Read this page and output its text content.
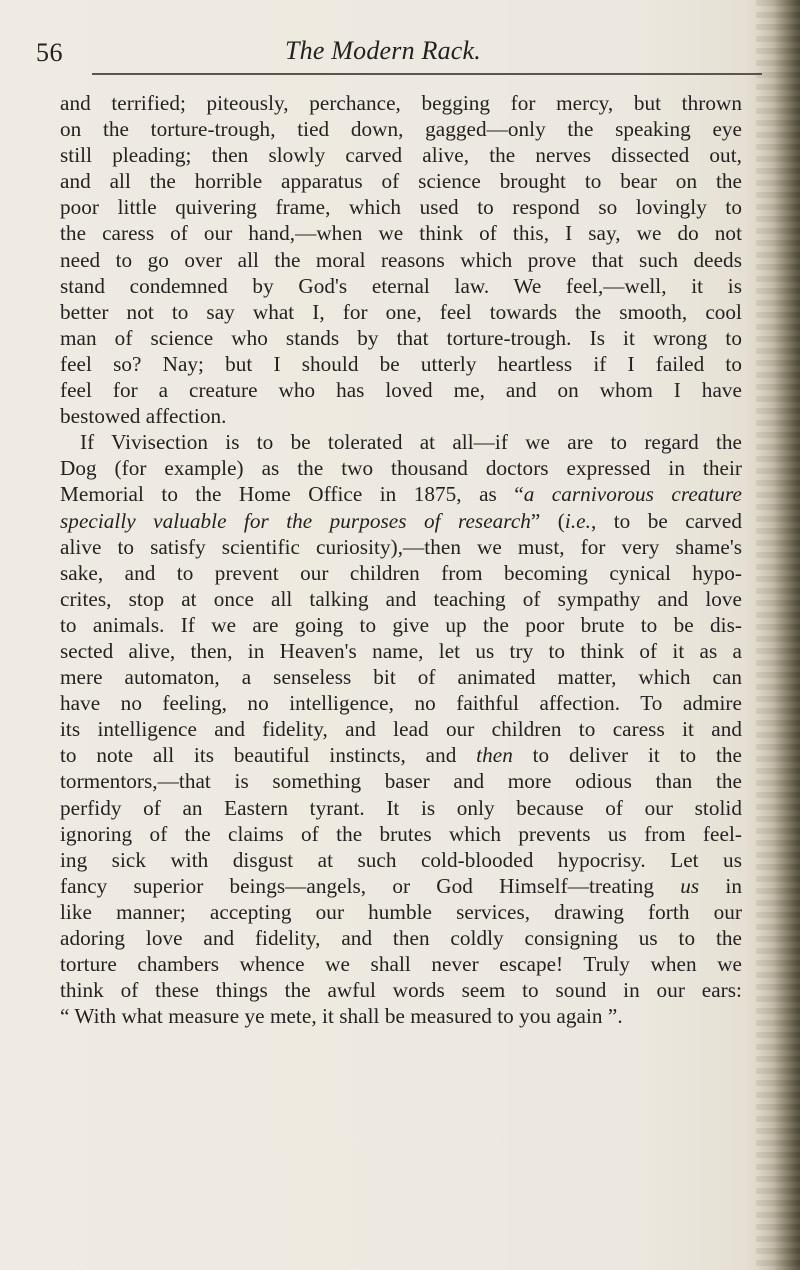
56	The Modern Rack.
and terrified; piteously, perchance, begging for mercy, but thrown
on the torture-trough, tied down, gagged—only the speaking eye
still pleading; then slowly carved alive, the nerves dissected out,
and all the horrible apparatus of science brought to bear on the
poor little quivering frame, which used to respond so lovingly to
the caress of our hand,—when we think of this, I say, we do not
need to go over all the moral reasons which prove that such deeds
stand condemned by God's eternal law. We feel,—well, it is
better not to say what I, for one, feel towards the smooth, cool
man of science who stands by that torture-trough. Is it wrong to
feel so? Nay; but I should be utterly heartless if I failed to
feel for a creature who has loved me, and on whom I have
bestowed affection.
If Vivisection is to be tolerated at all—if we are to regard the
Dog (for example) as the two thousand doctors expressed in their
Memorial to the Home Office in 1875, as “a carnivorous creature
specially valuable for the purposes of research” (i.e., to be carved
alive to satisfy scientific curiosity),—then we must, for very shame's
sake, and to prevent our children from becoming cynical hypo-
crites, stop at once all talking and teaching of sympathy and love
to animals. If we are going to give up the poor brute to be dis-
sected alive, then, in Heaven's name, let us try to think of it as a
mere automaton, a senseless bit of animated matter, which can
have no feeling, no intelligence, no faithful affection. To admire
its intelligence and fidelity, and lead our children to caress it and
to note all its beautiful instincts, and then to deliver it to the
tormentors,—that is something baser and more odious than the
perfidy of an Eastern tyrant. It is only because of our stolid
ignoring of the claims of the brutes which prevents us from feel-
ing sick with disgust at such cold-blooded hypocrisy. Let us
fancy superior beings—angels, or God Himself—treating us in
like manner; accepting our humble services, drawing forth our
adoring love and fidelity, and then coldly consigning us to the
torture chambers whence we shall never escape! Truly when we
think of these things the awful words seem to sound in our ears:
“ With what measure ye mete, it shall be measured to you again ”.
